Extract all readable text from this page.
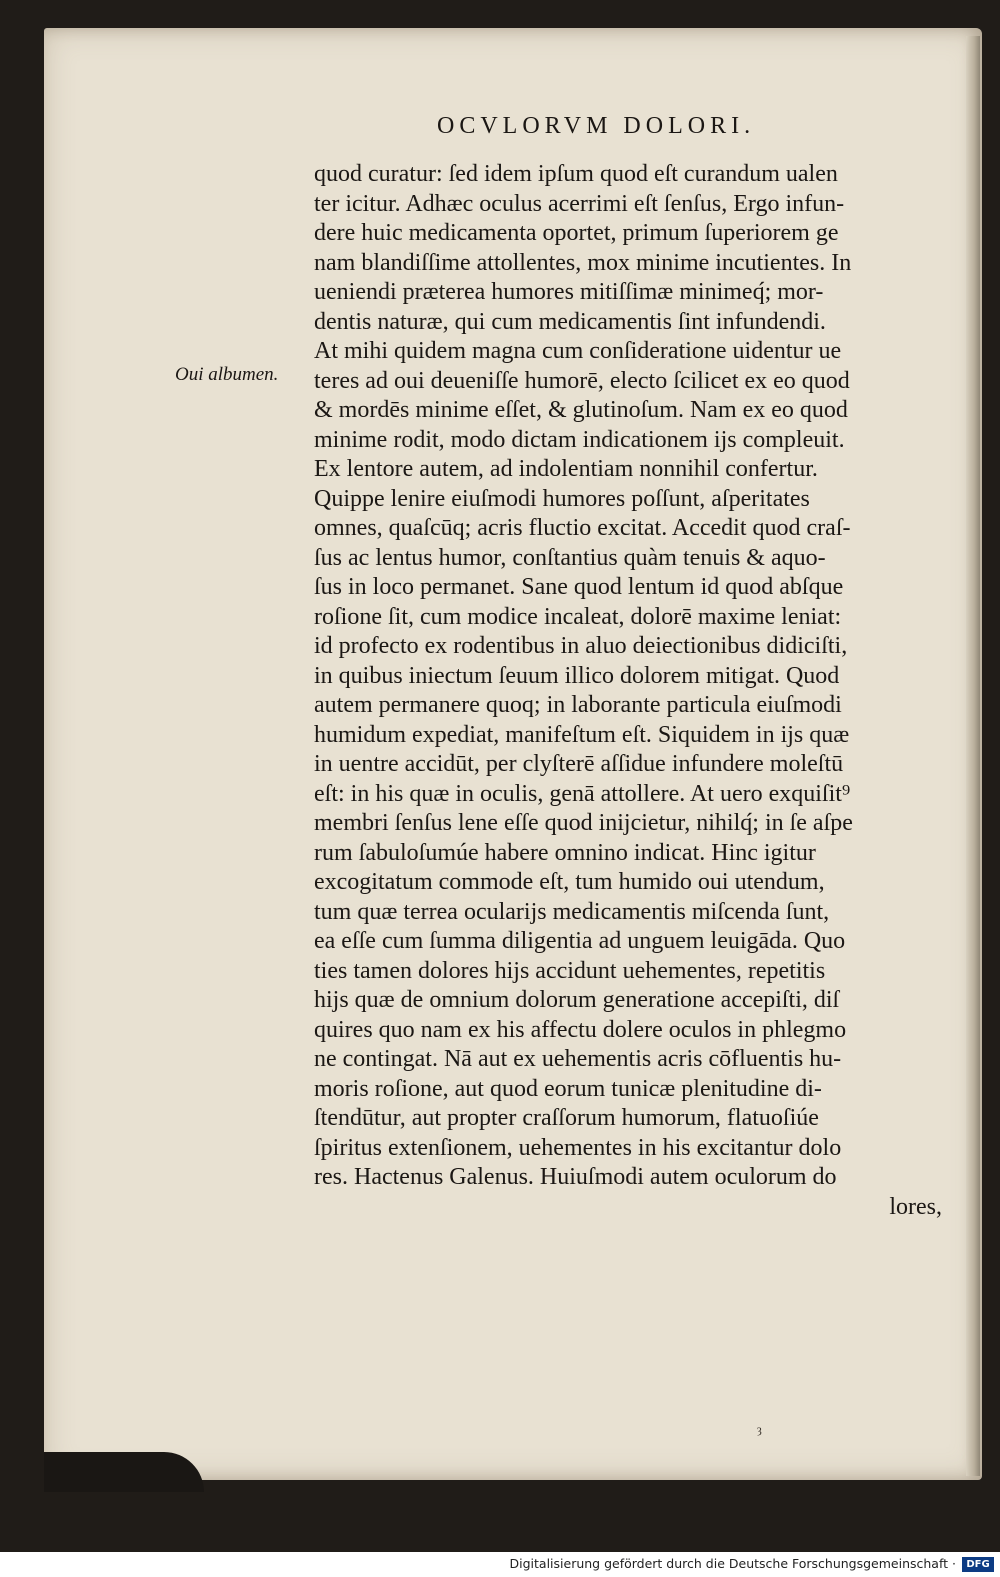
OCVLORVM DOLORI.
Oui albumen.
quod curatur: ſed idem ipſum quod eſt curandum ualen
ter icitur. Adhæc oculus acerrimi eſt ſenſus, Ergo infun-
dere huic medicamenta oportet, primum ſuperiorem ge
nam blandiſſime attollentes, mox minime incutientes. In
ueniendi præterea humores mitiſſimæ minimeq́; mor-
dentis naturæ, qui cum medicamentis ſint infundendi.
At mihi quidem magna cum conſideratione uidentur ue
teres ad oui deueniſſe humorē, electo ſcilicet ex eo quod
& mordēs minime eſſet, & glutinoſum. Nam ex eo quod
minime rodit, modo dictam indicationem ijs compleuit.
Ex lentore autem, ad indolentiam nonnihil confertur.
Quippe lenire eiuſmodi humores poſſunt, aſperitates
omnes, quaſcūq; acris fluctio excitat. Accedit quod craſ-
ſus ac lentus humor, conſtantius quàm tenuis & aquo-
ſus in loco permanet. Sane quod lentum id quod abſque
roſione ſit, cum modice incaleat, dolorē maxime leniat:
id profecto ex rodentibus in aluo deiectionibus didiciſti,
in quibus iniectum ſeuum illico dolorem mitigat. Quod
autem permanere quoq; in laborante particula eiuſmodi
humidum expediat, manifeſtum eſt. Siquidem in ijs quæ
in uentre accidūt, per clyſterē aſſidue infundere moleſtū
eſt: in his quæ in oculis, genā attollere. At uero exquiſit⁹
membri ſenſus lene eſſe quod inijcietur, nihilq́; in ſe aſpe
rum ſabuloſumúe habere omnino indicat. Hinc igitur
excogitatum commode eſt, tum humido oui utendum,
tum quæ terrea ocularijs medicamentis miſcenda ſunt,
ea eſſe cum ſumma diligentia ad unguem leuigāda. Quo
ties tamen dolores hijs accidunt uehementes, repetitis
hijs quæ de omnium dolorum generatione accepiſti, diſ
quires quo nam ex his affectu dolere oculos in phlegmo
ne contingat. Nā aut ex uehementis acris cōfluentis hu-
moris roſione, aut quod eorum tunicæ plenitudine di-
ſtendūtur, aut propter craſſorum humorum, flatuoſiúe
ſpiritus extenſionem, uehementes in his excitantur dolo
res. Hactenus Galenus. Huiuſmodi autem oculorum do
lores,
ȝ
Digitalisierung gefördert durch die Deutsche Forschungsgemeinschaft ·	DFG
